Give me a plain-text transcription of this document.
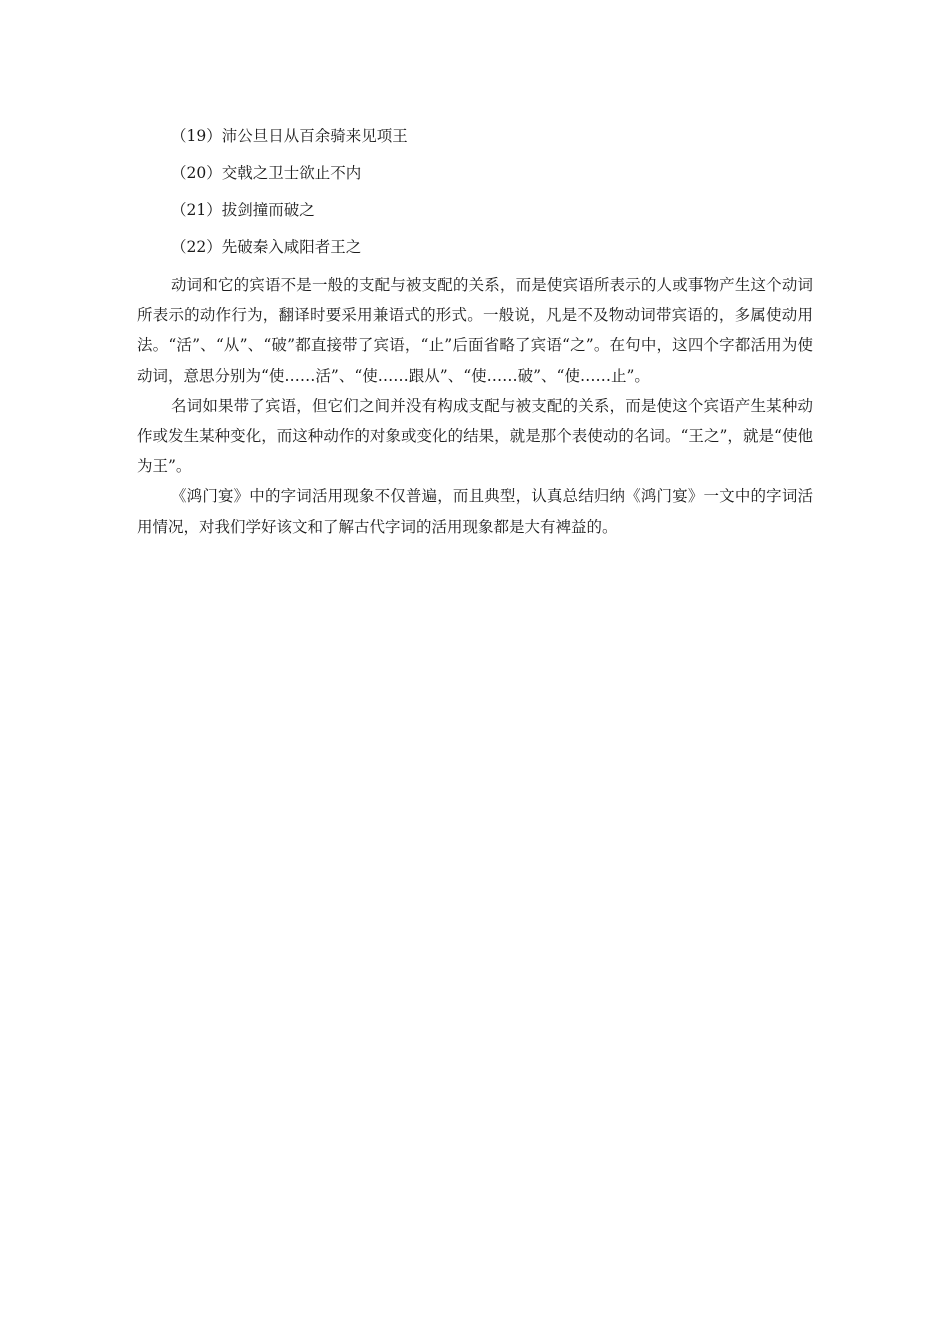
（19）沛公旦日从百余骑来见项王
（20）交戟之卫士欲止不内
（21）拔剑撞而破之
（22）先破秦入咸阳者王之

动词和它的宾语不是一般的支配与被支配的关系，而是使宾语所表示的人或事物产生这个动词所表示的动作行为，翻译时要采用兼语式的形式。一般说，凡是不及物动词带宾语的，多属使动用法。“活”、“从”、“破”都直接带了宾语，“止”后面省略了宾语“之”。在句中，这四个字都活用为使动词，意思分别为“使……活”、“使……跟从”、“使……破”、“使……止”。

名词如果带了宾语，但它们之间并没有构成支配与被支配的关系，而是使这个宾语产生某种动作或发生某种变化，而这种动作的对象或变化的结果，就是那个表使动的名词。“王之”，就是“使他为王”。

《鸿门宴》中的字词活用现象不仅普遍，而且典型，认真总结归纳《鸿门宴》一文中的字词活用情况，对我们学好该文和了解古代字词的活用现象都是大有裨益的。
